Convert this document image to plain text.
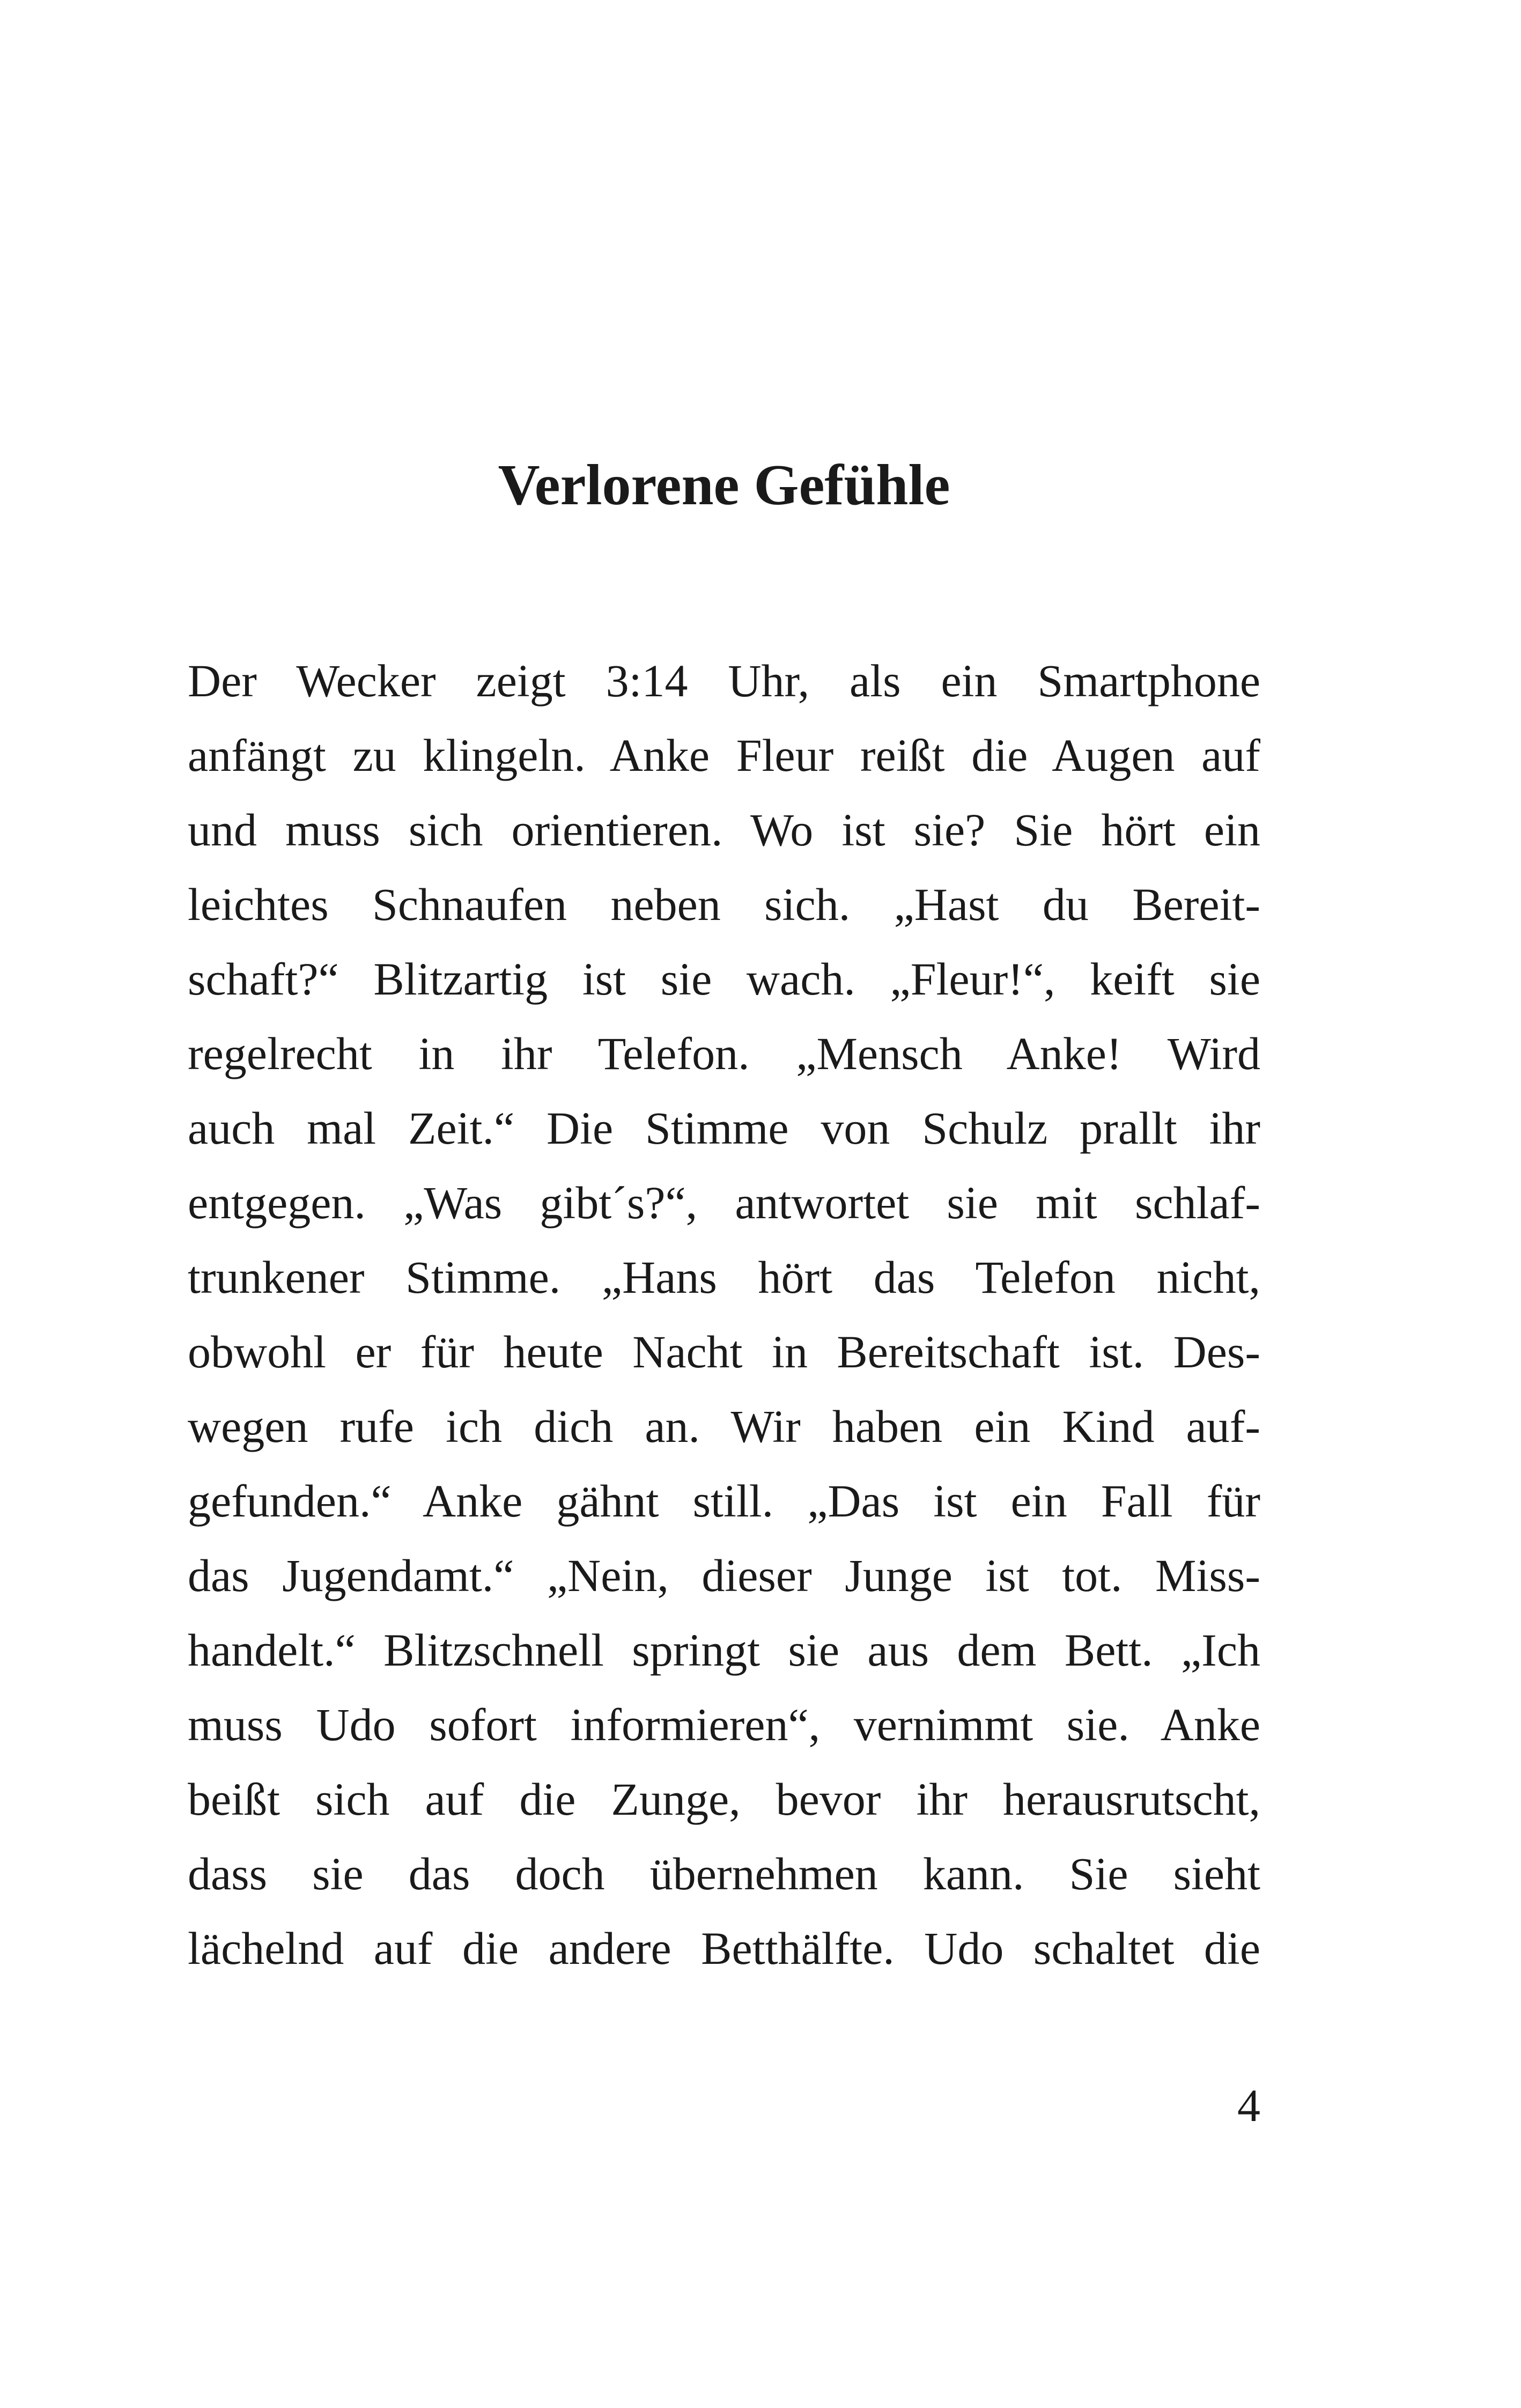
Verlorene Gefühle
Der Wecker zeigt 3:14 Uhr, als ein Smartphone
anfängt zu klingeln. Anke Fleur reißt die Augen auf
und muss sich orientieren. Wo ist sie? Sie hört ein
leichtes Schnaufen neben sich. „Hast du Bereit-
schaft?“ Blitzartig ist sie wach. „Fleur!“, keift sie
regelrecht in ihr Telefon. „Mensch Anke! Wird
auch mal Zeit.“ Die Stimme von Schulz prallt ihr
entgegen. „Was gibt´s?“, antwortet sie mit schlaf-
trunkener Stimme. „Hans hört das Telefon nicht,
obwohl er für heute Nacht in Bereitschaft ist. Des-
wegen rufe ich dich an. Wir haben ein Kind auf-
gefunden.“ Anke gähnt still. „Das ist ein Fall für
das Jugendamt.“ „Nein, dieser Junge ist tot. Miss-
handelt.“ Blitzschnell springt sie aus dem Bett. „Ich
muss Udo sofort informieren“, vernimmt sie. Anke
beißt sich auf die Zunge, bevor ihr herausrutscht,
dass sie das doch übernehmen kann. Sie sieht
lächelnd auf die andere Betthälfte. Udo schaltet die
4
